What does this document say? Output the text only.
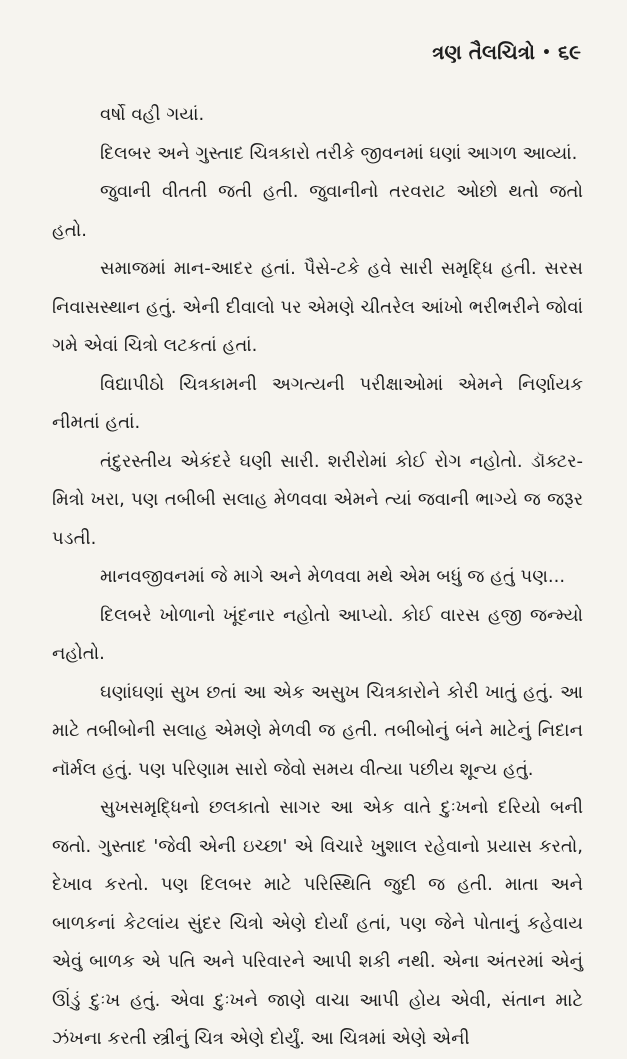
ત્રણ તૈલચિત્રો • ૬૯

વર્ષો વહી ગયાં.

દિલબર અને ગુસ્તાદ ચિત્રકારો તરીકે જીવનમાં ઘણાં આગળ આવ્યાં.

જુવાની વીતતી જતી હતી. જુવાનીનો તરવરાટ ઓછો થતો જતો હતો.

સમાજમાં માન-આદર હતાં. પૈસે-ટકે હવે સારી સમૃદ્ધિ હતી. સરસ નિવાસસ્થાન હતું. એની દીવાલો પર એમણે ચીતરેલ આંખો ભરીભરીને જોવાં ગમે એવાં ચિત્રો લટકતાં હતાં.

વિદ્યાપીઠો ચિત્રકામની અગત્યની પરીક્ષાઓમાં એમને નિર્ણાયક નીમતાં હતાં.

તંદુરસ્તીય એકંદરે ઘણી સારી. શરીરોમાં કોઈ રોગ નહોતો. ડૉક્ટર-મિત્રો ખરા, પણ તબીબી સલાહ મેળવવા એમને ત્યાં જવાની ભાગ્યે જ જરૂર પડતી.

માનવજીવનમાં જે માગે અને મેળવવા મથે એમ બધું જ હતું પણ...

દિલબરે ખોળાનો ખૂંદનાર નહોતો આપ્યો. કોઈ વારસ હજી જન્મ્યો નહોતો.

ઘણાંઘણાં સુખ છતાં આ એક અસુખ ચિત્રકારોને કોરી ખાતું હતું. આ માટે તબીબોની સલાહ એમણે મેળવી જ હતી. તબીબોનું બંને માટેનું નિદાન નૉર્મલ હતું. પણ પરિણામ સારો જેવો સમય વીત્યા પછીય શૂન્ય હતું.

સુખસમૃદ્ધિનો છલકાતો સાગર આ એક વાતે દુઃખનો દરિયો બની જતો. ગુસ્તાદ 'જેવી એની ઇચ્છા' એ વિચારે ખુશાલ રહેવાનો પ્રયાસ કરતો, દેખાવ કરતો. પણ દિલબર માટે પરિસ્થિતિ જુદી જ હતી. માતા અને બાળકનાં કેટલાંય સુંદર ચિત્રો એણે દોર્યાં હતાં, પણ જેને પોતાનું કહેવાય એવું બાળક એ પતિ અને પરિવારને આપી શકી નથી. એના અંતરમાં એનું ઊંડું દુઃખ હતું. એવા દુઃખને જાણે વાચા આપી હોય એવી, સંતાન માટે ઝંખના કરતી સ્ત્રીનું ચિત્ર એણે દોર્યું. આ ચિત્રમાં એણે એની
